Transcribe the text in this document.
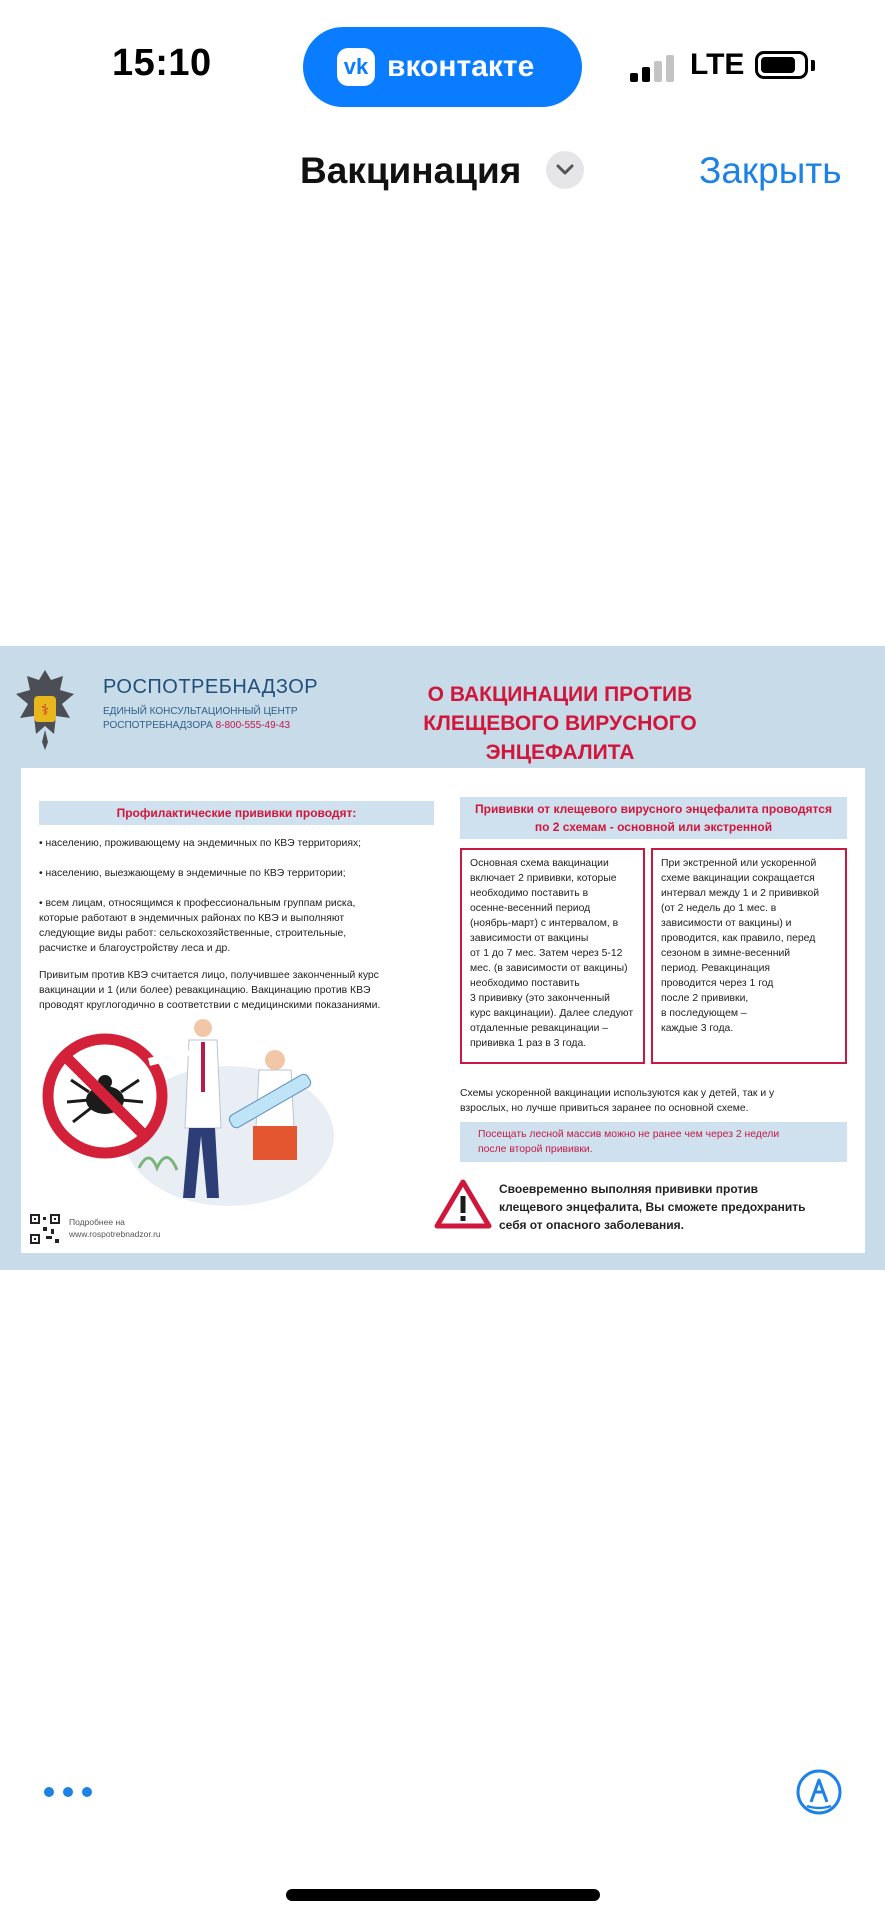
15:10	vk вконтакте	LTE
Вакцинация	Закрыть
⚕
РОСПОТРЕБНАДЗОР
ЕДИНЫЙ КОНСУЛЬТАЦИОННЫЙ ЦЕНТР
РОСПОТРЕБНАДЗОРА 8-800-555-49-43
О ВАКЦИНАЦИИ ПРОТИВ
КЛЕЩЕВОГО ВИРУСНОГО ЭНЦЕФАЛИТА
Профилактические прививки проводят:
• населению, проживающему на эндемичных по КВЭ территориях;
• населению, выезжающему в эндемичные по КВЭ территории;
• всем лицам, относящимся к профессиональным группам риска,
которые работают в эндемичных районах по КВЭ и выполняют
следующие виды работ: сельскохозяйственные, строительные,
расчистке и благоустройству леса и др.
Привитым против КВЭ считается лицо, получившее законченный курс
вакцинации и 1 (или более) ревакцинацию. Вакцинацию против КВЭ
проводят круглогодично в соответствии с медицинскими показаниями.
Подробнее на
www.rospotrebnadzor.ru
Прививки от клещевого вирусного энцефалита проводятся
по 2 схемам - основной или экстренной
Основная схема вакцинации
включает 2 прививки, которые
необходимо поставить в
осенне-весенний период
(ноябрь-март) с интервалом, в
зависимости от вакцины
от 1 до 7 мес. Затем через 5-12
мес. (в зависимости от вакцины)
необходимо поставить
3 прививку (это законченный
курс вакцинации). Далее следуют
отдаленные ревакцинации –
прививка 1 раз в 3 года.
При экстренной или ускоренной
схеме вакцинации сокращается
интервал между 1 и 2 прививкой
(от 2 недель до 1 мес. в
зависимости от вакцины) и
проводится, как правило, перед
сезоном в зимне-весенний
период. Ревакцинация
проводится через 1 год
после 2 прививки,
в последующем –
каждые 3 года.
Схемы ускоренной вакцинации используются как у детей, так и у
взрослых, но лучше привиться заранее по основной схеме.
Посещать лесной массив можно не ранее чем через 2 недели
после второй прививки.
Своевременно выполняя прививки против
клещевого энцефалита, Вы сможете предохранить
себя от опасного заболевания.
